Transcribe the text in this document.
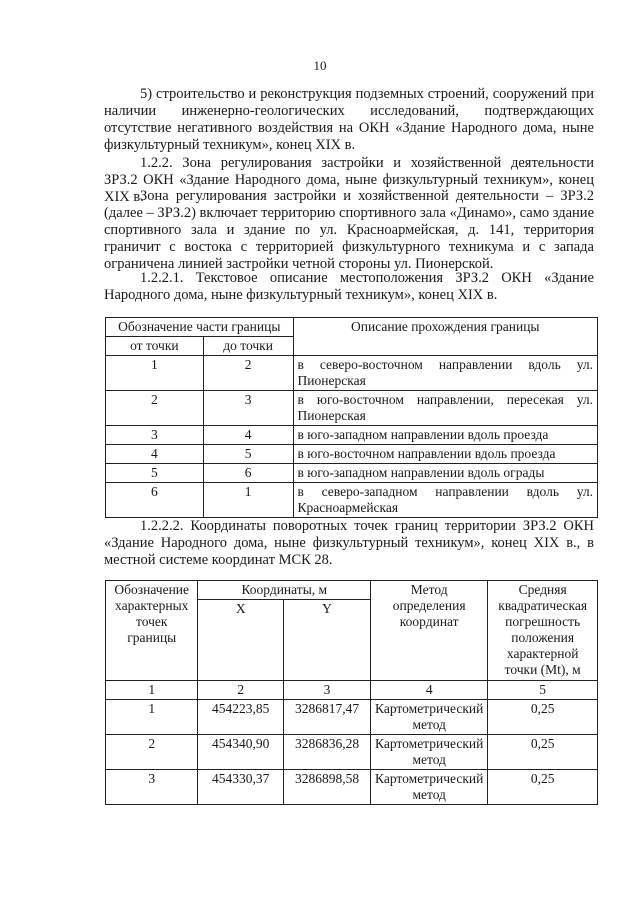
10
5) строительство и реконструкция подземных строений, сооружений при наличии инженерно-геологических исследований, подтверждающих отсутствие негативного воздействия на ОКН «Здание Народного дома, ныне физкультурный техникум», конец XIX в.
1.2.2. Зона регулирования застройки и хозяйственной деятельности ЗРЗ.2 ОКН «Здание Народного дома, ныне физкультурный техникум», конец XIX в.
Зона регулирования застройки и хозяйственной деятельности – ЗРЗ.2 (далее – ЗРЗ.2) включает территорию спортивного зала «Динамо», само здание спортивного зала и здание по ул. Красноармейская, д. 141, территория граничит с востока с территорией физкультурного техникума и с запада ограничена линией застройки четной стороны ул. Пионерской.
1.2.2.1. Текстовое описание местоположения ЗРЗ.2 ОКН «Здание Народного дома, ныне физкультурный техникум», конец XIX в.
Обозначение части границы		Описание прохождения границы
от точки	до точки	
1	2	в северо-восточном направлении вдоль ул. Пионерская
2	3	в юго-восточном направлении, пересекая ул. Пионерская
3	4	в юго-западном направлении вдоль проезда
4	5	в юго-восточном направлении вдоль проезда
5	6	в юго-западном направлении вдоль ограды
6	1	в северо-западном направлении вдоль ул. Красноармейская
1.2.2.2. Координаты поворотных точек границ территории ЗРЗ.2 ОКН «Здание Народного дома, ныне физкультурный техникум», конец XIX в., в местной системе координат МСК 28.
Обозначение характерных точек границы	Координаты, м		Метод определения координат	Средняя квадратическая погрешность положения характерной точки (Mt), м
	X	Y		
1	2	3	4	5
1	454223,85	3286817,47	Картометрический метод	0,25
2	454340,90	3286836,28	Картометрический метод	0,25
3	454330,37	3286898,58	Картометрический метод	0,25
